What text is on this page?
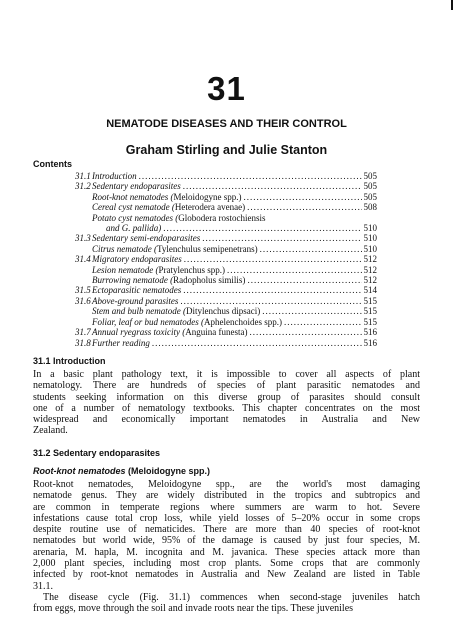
31
NEMATODE DISEASES AND THEIR CONTROL
Graham Stirling and Julie Stanton
Contents
31.1 Introduction .....	505
31.2 Sedentary endoparasites .....	505
Root-knot nematodes (Meloidogyne spp.) .....	505
Cereal cyst nematode (Heterodera avenae) .....	508
Potato cyst nematodes (Globodera rostochiensis
and G. pallida) .....	510
31.3 Sedentary semi-endoparasites .....	510
Citrus nematode (Tylenchulus semipenetrans) .....	510
31.4 Migratory endoparasites .....	512
Lesion nematode (Pratylenchus spp.) .....	512
Burrowing nematode (Radopholus similis) .....	512
31.5 Ectoparasitic nematodes .....	514
31.6 Above-ground parasites .....	515
Stem and bulb nematode (Ditylenchus dipsaci) .....	515
Foliar, leaf or bud nematodes (Aphelenchoides spp.) .....	515
31.7 Annual ryegrass toxicity (Anguina funesta) .....	516
31.8 Further reading .....	516
31.1 Introduction
In a basic plant pathology text, it is impossible to cover all aspects of plant
nematology. There are hundreds of species of plant parasitic nematodes and
students seeking information on this diverse group of parasites should consult
one of a number of nematology textbooks. This chapter concentrates on the most
widespread and economically important nematodes in Australia and New
Zealand.
31.2 Sedentary endoparasites
Root-knot nematodes (Meloidogyne spp.)
Root-knot nematodes, Meloidogyne spp., are the world's most damaging
nematode genus. They are widely distributed in the tropics and subtropics and
are common in temperate regions where summers are warm to hot. Severe
infestations cause total crop loss, while yield losses of 5–20% occur in some crops
despite routine use of nematicides. There are more than 40 species of root-knot
nematodes but world wide, 95% of the damage is caused by just four species, M.
arenaria, M. hapla, M. incognita and M. javanica. These species attack more than
2,000 plant species, including most crop plants. Some crops that are commonly
infected by root-knot nematodes in Australia and New Zealand are listed in Table
31.1.
The disease cycle (Fig. 31.1) commences when second-stage juveniles hatch
from eggs, move through the soil and invade roots near the tips. These juveniles
